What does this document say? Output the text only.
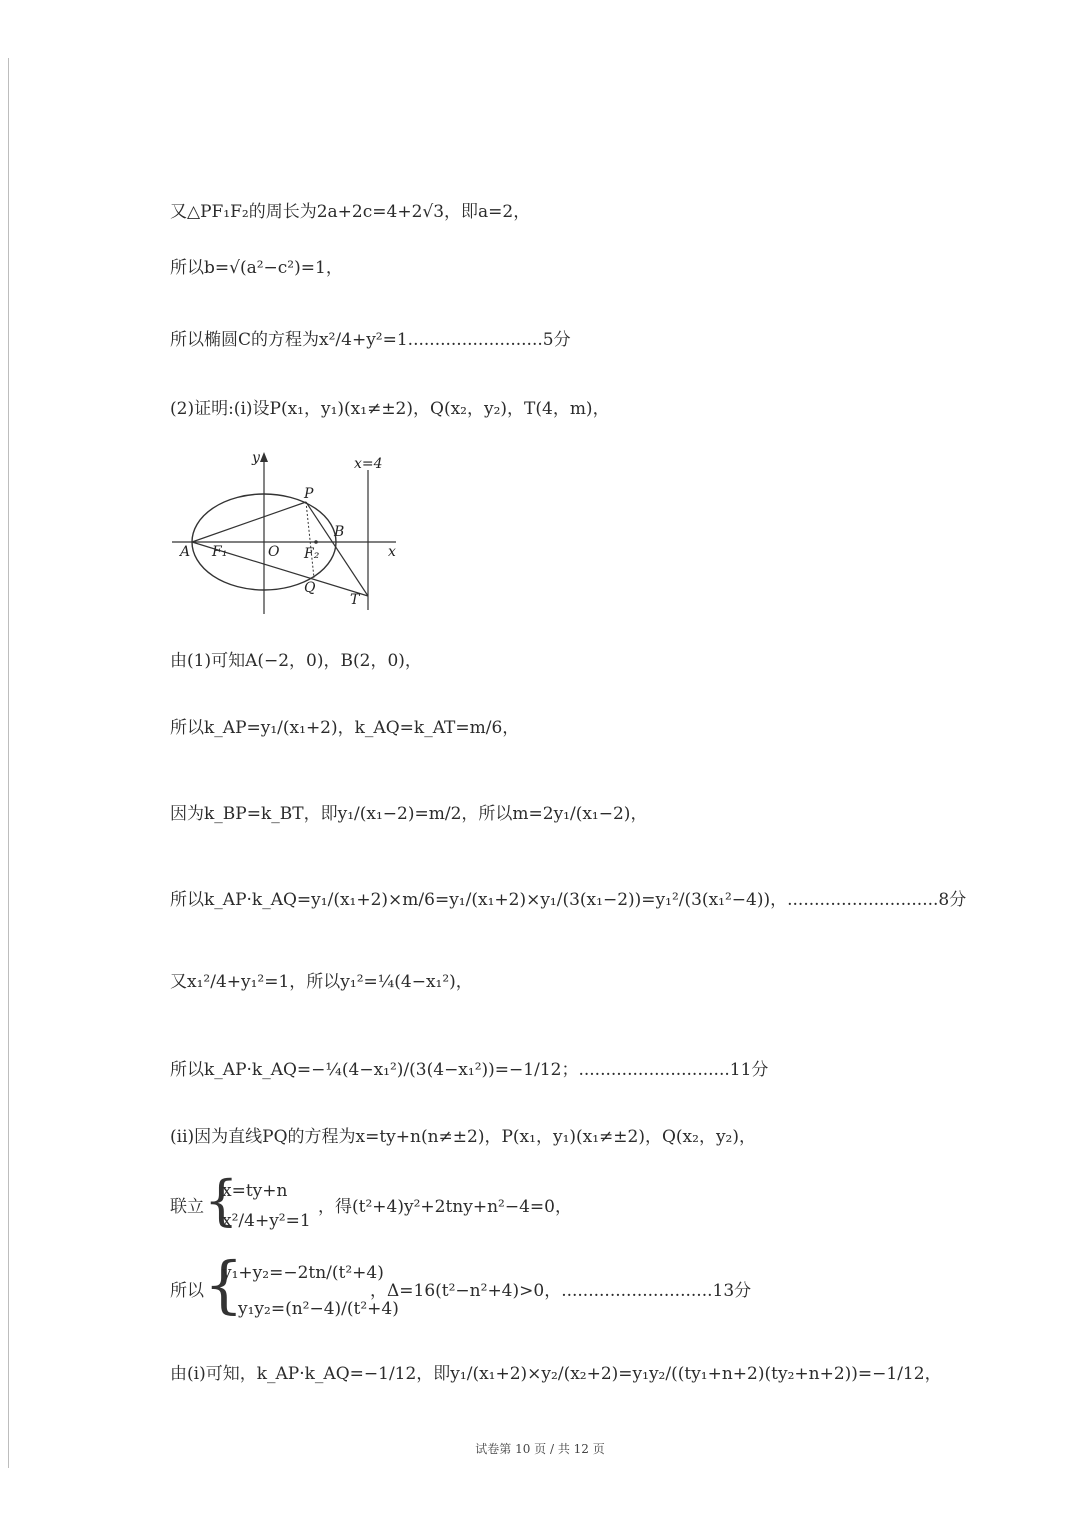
又△PF₁F₂的周长为2a+2c=4+2√3，即a=2，
所以b=√(a²−c²)=1，
所以椭圆C的方程为x²/4+y²=1.........................5分
(2)证明:(i)设P(x₁，y₁)(x₁≠±2)，Q(x₂，y₂)，T(4，m)，
y
x
x=4
A F₁	O F₂
P
B
Q
T
由(1)可知A(−2，0)，B(2，0)，
所以k_AP=y₁/(x₁+2)，k_AQ=k_AT=m/6，
因为k_BP=k_BT，即y₁/(x₁−2)=m/2，所以m=2y₁/(x₁−2)，
所以k_AP·k_AQ=y₁/(x₁+2)×m/6=y₁/(x₁+2)×y₁/(3(x₁−2))=y₁²/(3(x₁²−4))，............................8分
又x₁²/4+y₁²=1，所以y₁²=¼(4−x₁²)，
所以k_AP·k_AQ=−¼(4−x₁²)/(3(4−x₁²))=−1/12；............................11分
(ii)因为直线PQ的方程为x=ty+n(n≠±2)，P(x₁，y₁)(x₁≠±2)，Q(x₂，y₂)，
联立 {
x=ty+n
x²/4+y²=1
，得(t²+4)y²+2tny+n²−4=0，
所以 {
y₁+y₂=−2tn/(t²+4)
y₁y₂=(n²−4)/(t²+4)
，Δ=16(t²−n²+4)>0，............................13分
由(i)可知，k_AP·k_AQ=−1/12，即y₁/(x₁+2)×y₂/(x₂+2)=y₁y₂/((ty₁+n+2)(ty₂+n+2))=−1/12，
试卷第 10 页 / 共 12 页
